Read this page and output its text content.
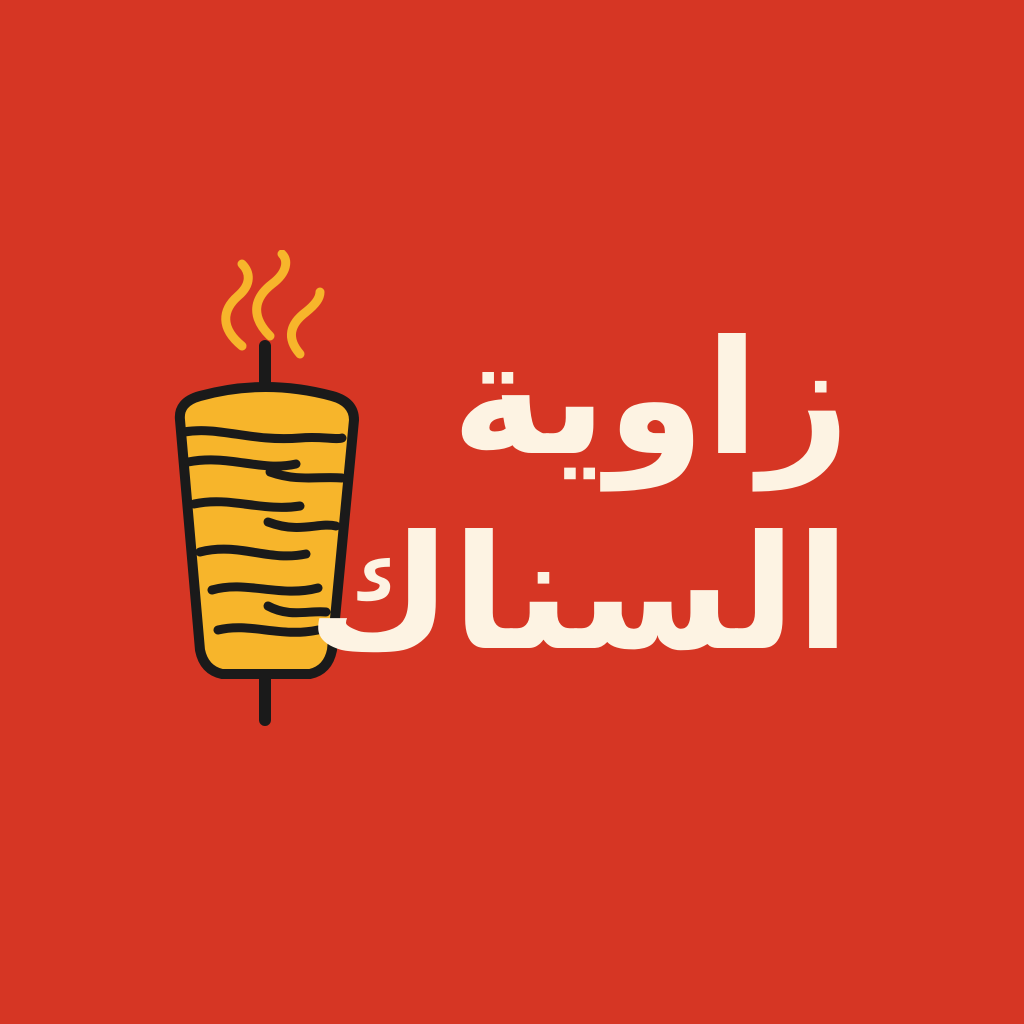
زاوية
السناك
